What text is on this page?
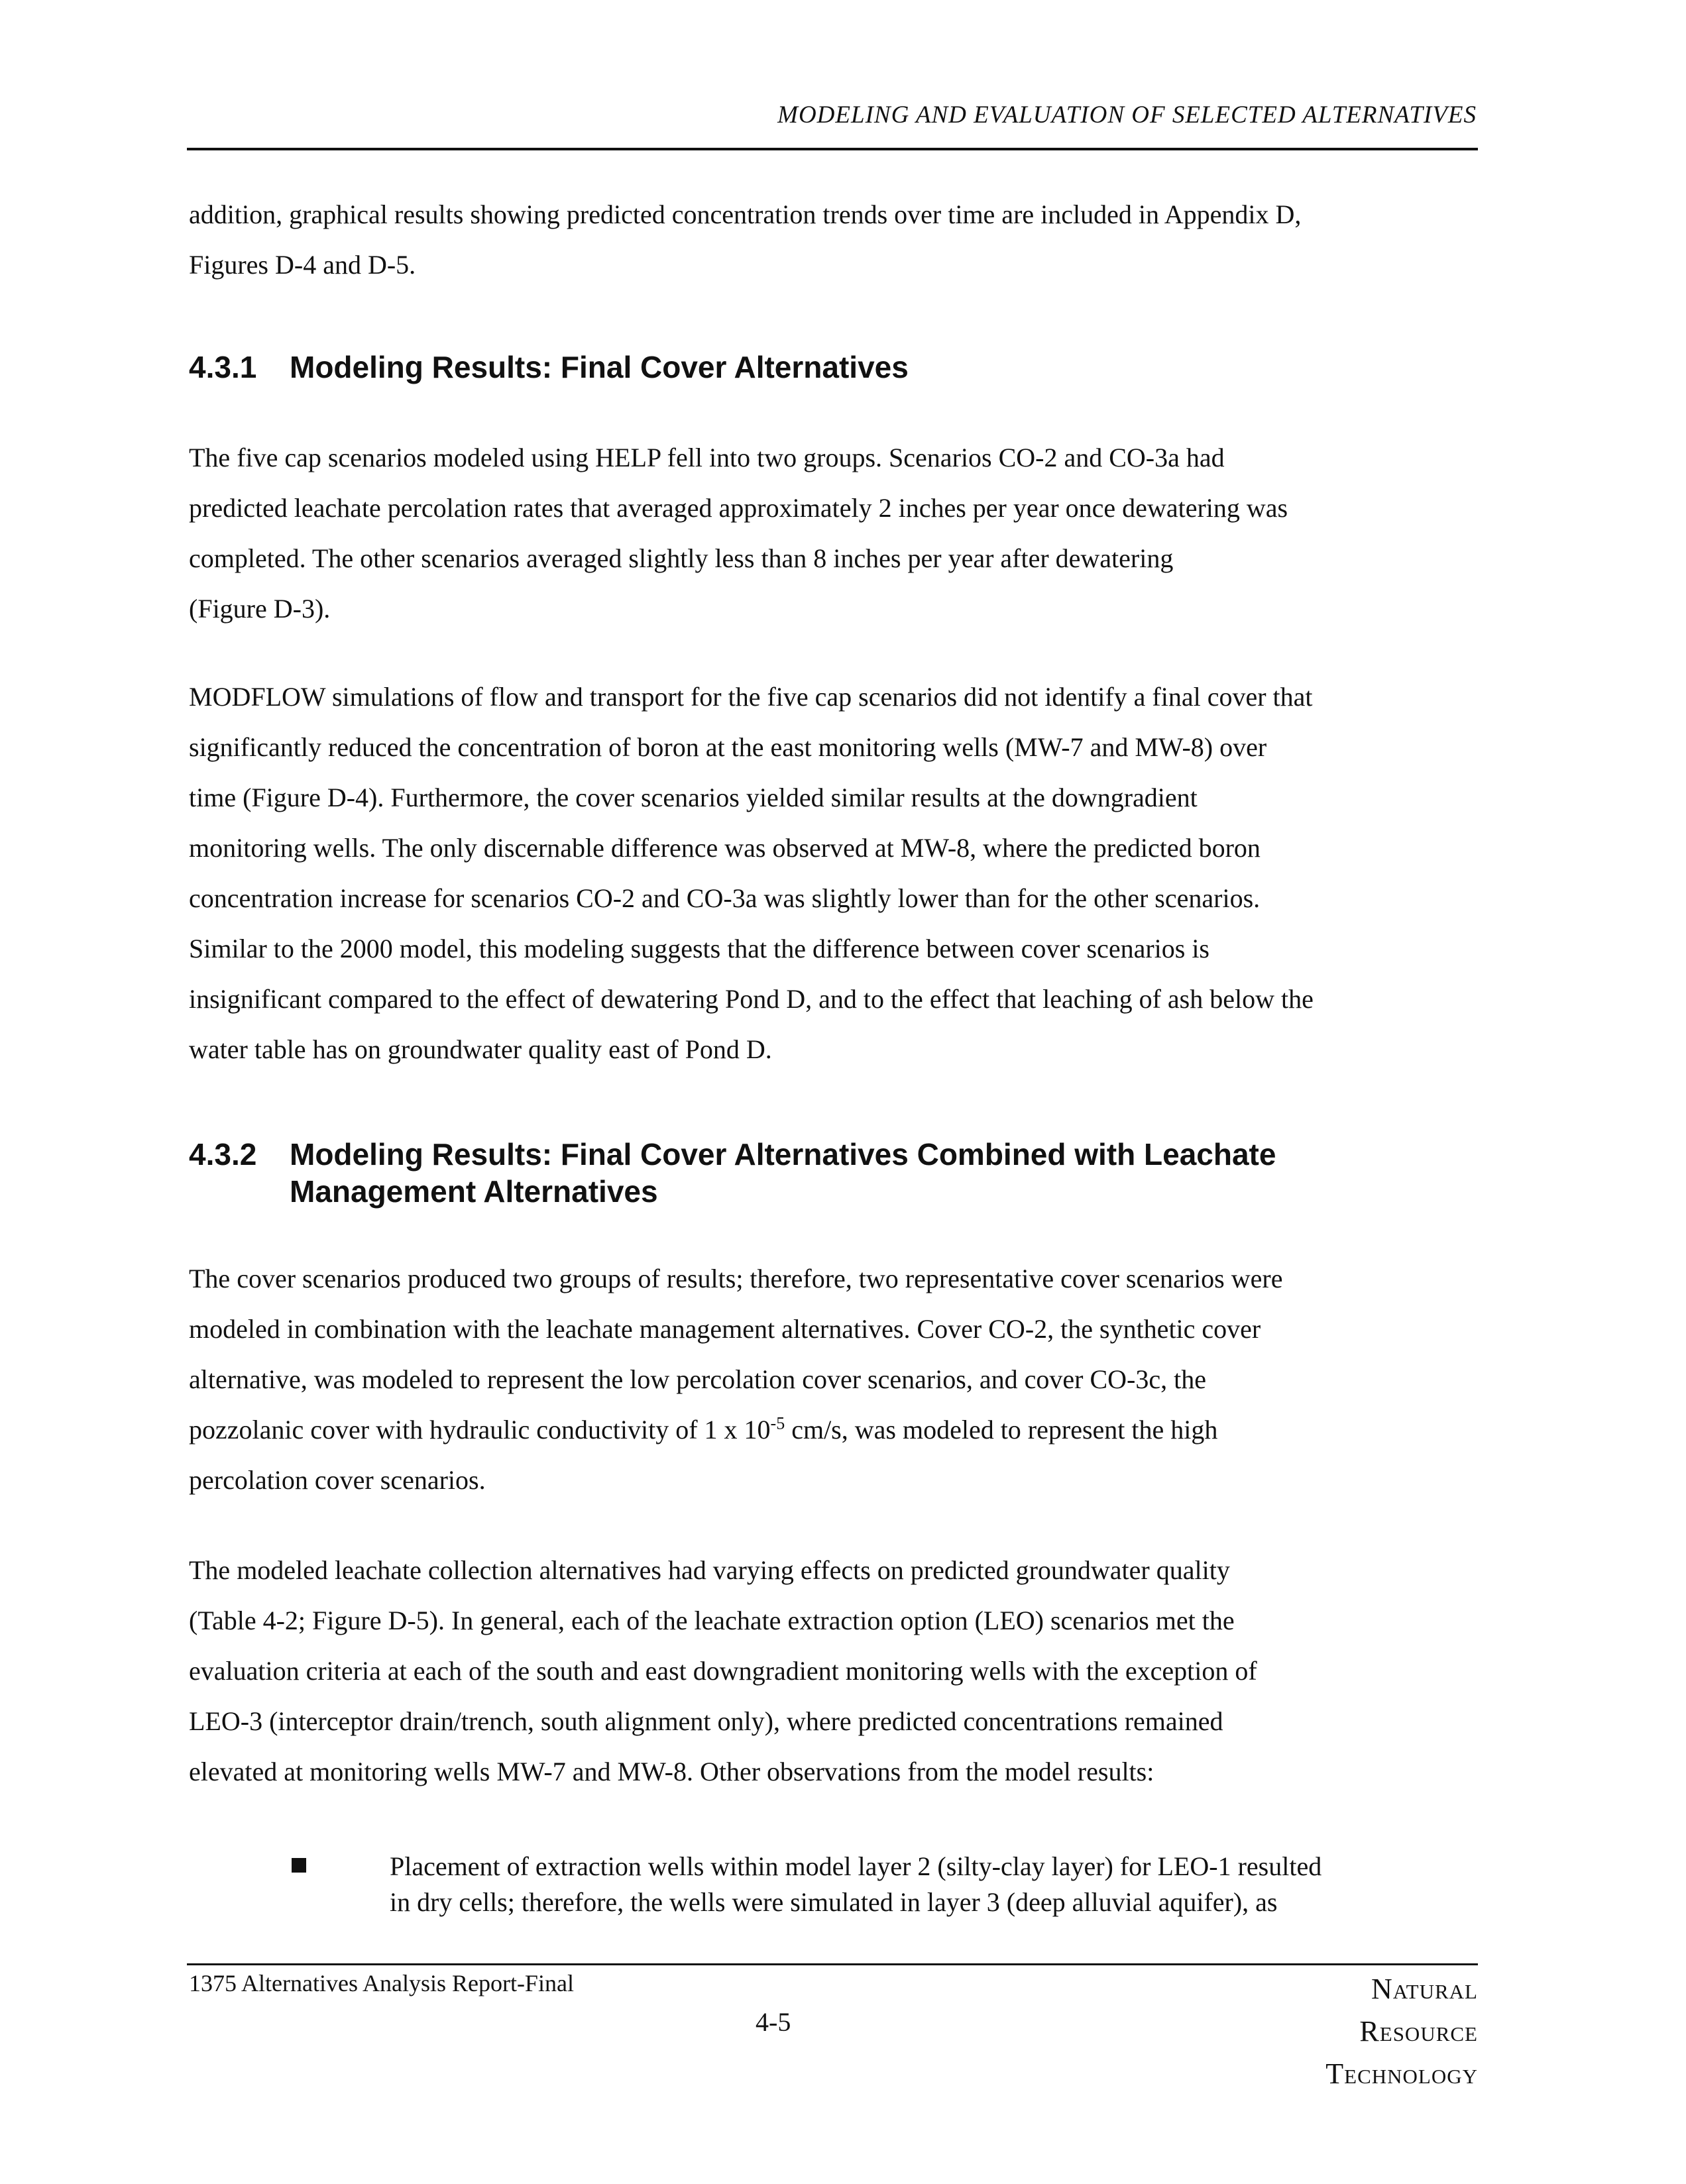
MODELING AND EVALUATION OF SELECTED ALTERNATIVES
addition, graphical results showing predicted concentration trends over time are included in Appendix D,
Figures D-4 and D-5.
4.3.1 Modeling Results: Final Cover Alternatives
The five cap scenarios modeled using HELP fell into two groups. Scenarios CO-2 and CO-3a had
predicted leachate percolation rates that averaged approximately 2 inches per year once dewatering was
completed. The other scenarios averaged slightly less than 8 inches per year after dewatering
(Figure D-3).
MODFLOW simulations of flow and transport for the five cap scenarios did not identify a final cover that
significantly reduced the concentration of boron at the east monitoring wells (MW-7 and MW-8) over
time (Figure D-4). Furthermore, the cover scenarios yielded similar results at the downgradient
monitoring wells. The only discernable difference was observed at MW-8, where the predicted boron
concentration increase for scenarios CO-2 and CO-3a was slightly lower than for the other scenarios.
Similar to the 2000 model, this modeling suggests that the difference between cover scenarios is
insignificant compared to the effect of dewatering Pond D, and to the effect that leaching of ash below the
water table has on groundwater quality east of Pond D.
4.3.2 Modeling Results: Final Cover Alternatives Combined with Leachate
Management Alternatives
The cover scenarios produced two groups of results; therefore, two representative cover scenarios were
modeled in combination with the leachate management alternatives. Cover CO-2, the synthetic cover
alternative, was modeled to represent the low percolation cover scenarios, and cover CO-3c, the
pozzolanic cover with hydraulic conductivity of 1 x $10^{-5}$ cm/s, was modeled to represent the high
percolation cover scenarios.
The modeled leachate collection alternatives had varying effects on predicted groundwater quality
(Table 4-2; Figure D-5). In general, each of the leachate extraction option (LEO) scenarios met the
evaluation criteria at each of the south and east downgradient monitoring wells with the exception of
LEO-3 (interceptor drain/trench, south alignment only), where predicted concentrations remained
elevated at monitoring wells MW-7 and MW-8. Other observations from the model results:
Placement of extraction wells within model layer 2 (silty-clay layer) for LEO-1 resulted
in dry cells; therefore, the wells were simulated in layer 3 (deep alluvial aquifer), as
1375 Alternatives Analysis Report-Final
4-5
Natural
Resource
Technology
